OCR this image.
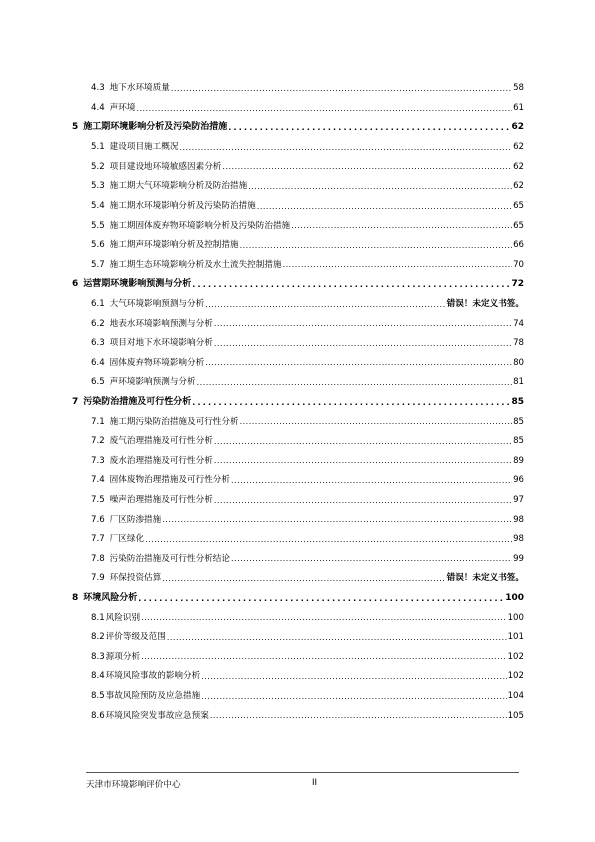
4.3 地下水环境质量 .....	58
4.4 声环境 .....	61
5 施工期环境影响分析及污染防治措施 .....	62
5.1 建设项目施工概况 .....	62
5.2 项目建设地环境敏感因素分析 .....	62
5.3 施工期大气环境影响分析及防治措施 .....	62
5.4 施工期水环境影响分析及污染防治措施 .....	65
5.5 施工期固体废弃物环境影响分析及污染防治措施 .....	65
5.6 施工期声环境影响分析及控制措施 .....	66
5.7 施工期生态环境影响分析及水土流失控制措施 .....	70
6 运营期环境影响预测与分析 .....	72
6.1 大气环境影响预测与分析 .....	错误！未定义书签。
6.2 地表水环境影响预测与分析 .....	74
6.3 项目对地下水环境影响分析 .....	78
6.4 固体废弃物环境影响分析 .....	80
6.5 声环境影响预测与分析 .....	81
7 污染防治措施及可行性分析 .....	85
7.1 施工期污染防治措施及可行性分析 .....	85
7.2 废气治理措施及可行性分析 .....	85
7.3 废水治理措施及可行性分析 .....	89
7.4 固体废物治理措施及可行性分析 .....	96
7.5 噪声治理措施及可行性分析 .....	97
7.6 厂区防渗措施 .....	98
7.7 厂区绿化 .....	98
7.8 污染防治措施及可行性分析结论 .....	99
7.9 环保投资估算 .....	错误！未定义书签。
8 环境风险分析 .....	100
8.1风险识别 .....	100
8.2评价等级及范围 .....	101
8.3源项分析 .....	102
8.4环境风险事故的影响分析 .....	102
8.5事故风险预防及应急措施 .....	104
8.6环境风险突发事故应急预案 .....	105
天津市环境影响评价中心	II
